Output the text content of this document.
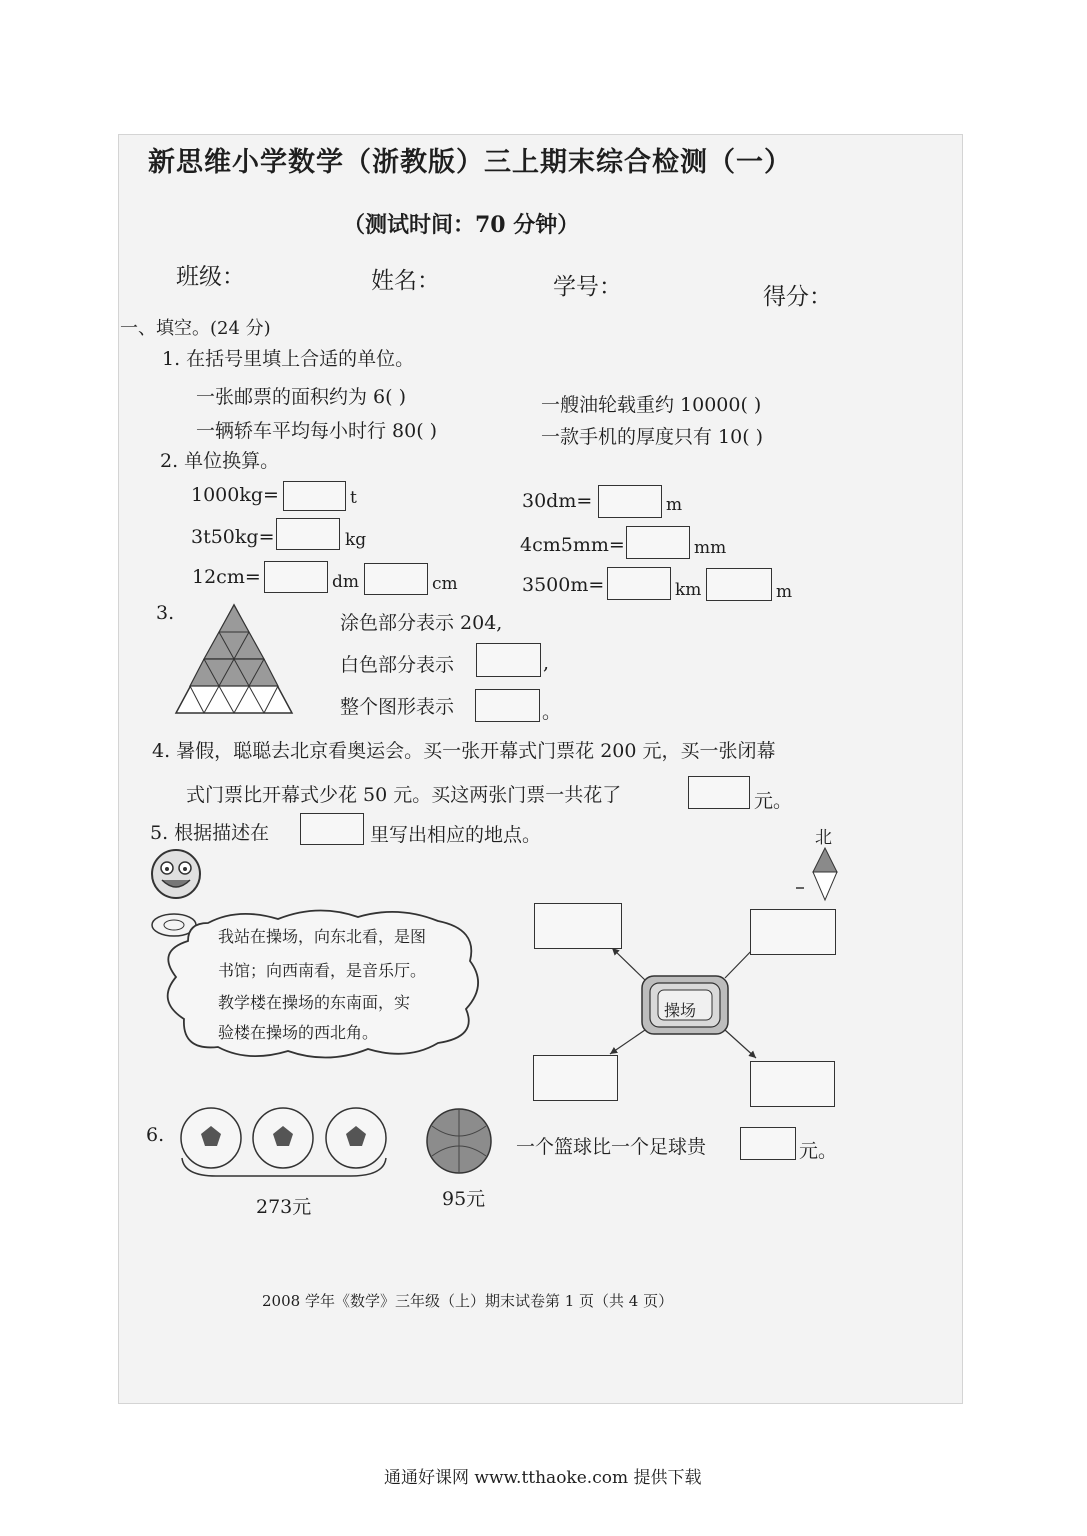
新思维小学数学（浙教版）三上期末综合检测（一）
（测试时间：70 分钟）
班级：	姓名：	学号：	得分：
一、填空。(24 分)
1. 在括号里填上合适的单位。
一张邮票的面积约为 6( )	一艘油轮载重约 10000( )
一辆轿车平均每小时行 80( )	一款手机的厚度只有 10( )
2. 单位换算。
1000kg=	t	30dm=	m
3t50kg=	kg	4cm5mm=	mm
12cm=	dm	cm	3500m=	km	m
3.	涂色部分表示 204,
白色部分表示	,
整个图形表示	。
4. 暑假，聪聪去北京看奥运会。买一张开幕式门票花 200 元，买一张闭幕
式门票比开幕式少花 50 元。买这两张门票一共花了	元。
5. 根据描述在	里写出相应的地点。	北
我站在操场，向东北看，是图
书馆；向西南看，是音乐厅。
教学楼在操场的东南面，实
验楼在操场的西北角。
操场
6.
273元	95元
一个篮球比一个足球贵	元。
2008 学年《数学》三年级（上）期末试卷第 1 页（共 4 页）
通通好课网 www.tthaoke.com 提供下载
